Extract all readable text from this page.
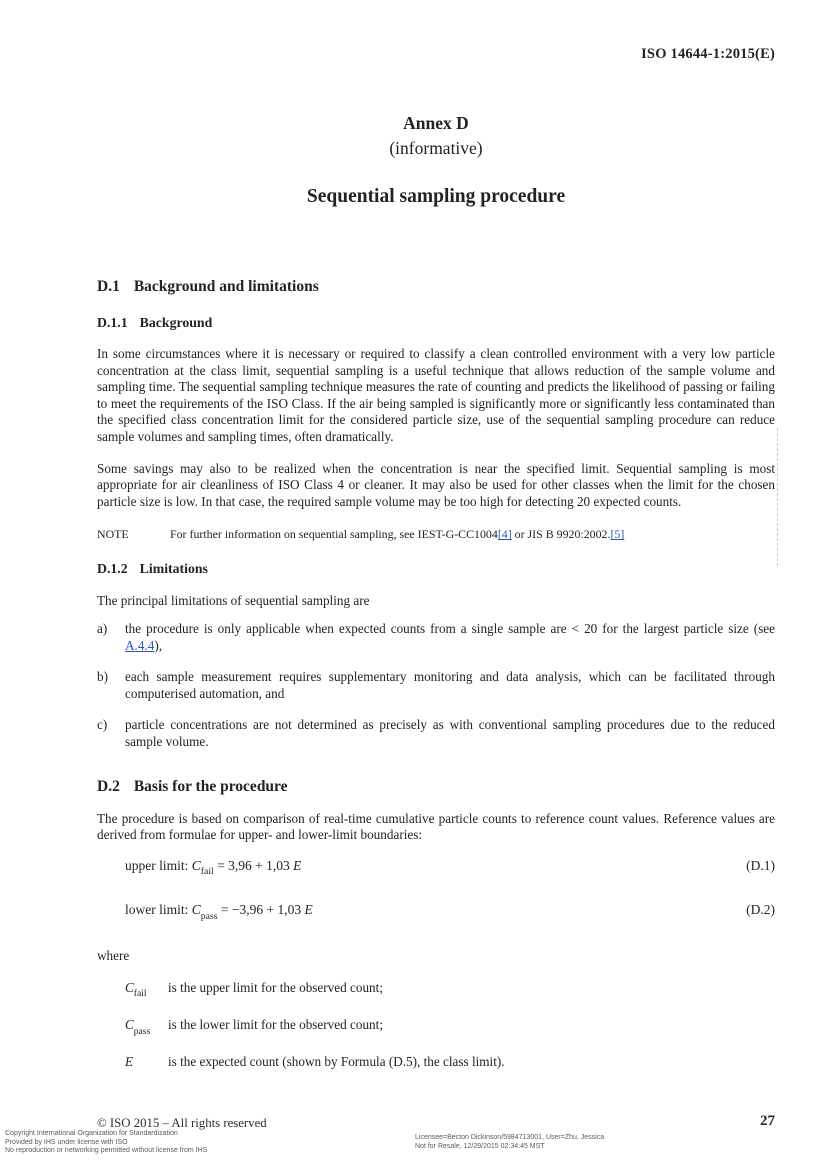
ISO 14644-1:2015(E)
Annex D
(informative)
Sequential sampling procedure
D.1 Background and limitations
D.1.1 Background

In some circumstances where it is necessary or required to classify a clean controlled environment with a very low particle concentration at the class limit, sequential sampling is a useful technique that allows reduction of the sample volume and sampling time. The sequential sampling technique measures the rate of counting and predicts the likelihood of passing or failing to meet the requirements of the ISO Class. If the air being sampled is significantly more or significantly less contaminated than the specified class concentration limit for the considered particle size, use of the sequential sampling procedure can reduce sample volumes and sampling times, often dramatically.

Some savings may also to be realized when the concentration is near the specified limit. Sequential sampling is most appropriate for air cleanliness of ISO Class 4 or cleaner. It may also be used for other classes when the limit for the chosen particle size is low. In that case, the required sample volume may be too high for detecting 20 expected counts.

NOTE	For further information on sequential sampling, see IEST-G-CC1004[4] or JIS B 9920:2002.[5]
D.1.2 Limitations

The principal limitations of sequential sampling are

a)	the procedure is only applicable when expected counts from a single sample are < 20 for the largest particle size (see A.4.4),
b)	each sample measurement requires supplementary monitoring and data analysis, which can be facilitated through computerised automation, and
c)	particle concentrations are not determined as precisely as with conventional sampling procedures due to the reduced sample volume.
D.2 Basis for the procedure

The procedure is based on comparison of real-time cumulative particle counts to reference count values. Reference values are derived from formulae for upper- and lower-limit boundaries:

upper limit: $C_{fail} = 3,96 + 1,03$ E	(D.1)
lower limit: $C_{pass} = -3,96 + 1,03$ E	(D.2)

where

$C_{fail}$	is the upper limit for the observed count;
$C_{pass}$	is the lower limit for the observed count;
E	is the expected count (shown by Formula (D.5), the class limit).
© ISO 2015 – All rights reserved	27
Copyright International Organization for Standardization
Provided by IHS under license with ISO
No reproduction or networking permitted without license from IHS
Licensee=Becton Dickinson/5984713001, User=Zhu, Jessica
Not for Resale, 12/29/2015 02:34:45 MST
